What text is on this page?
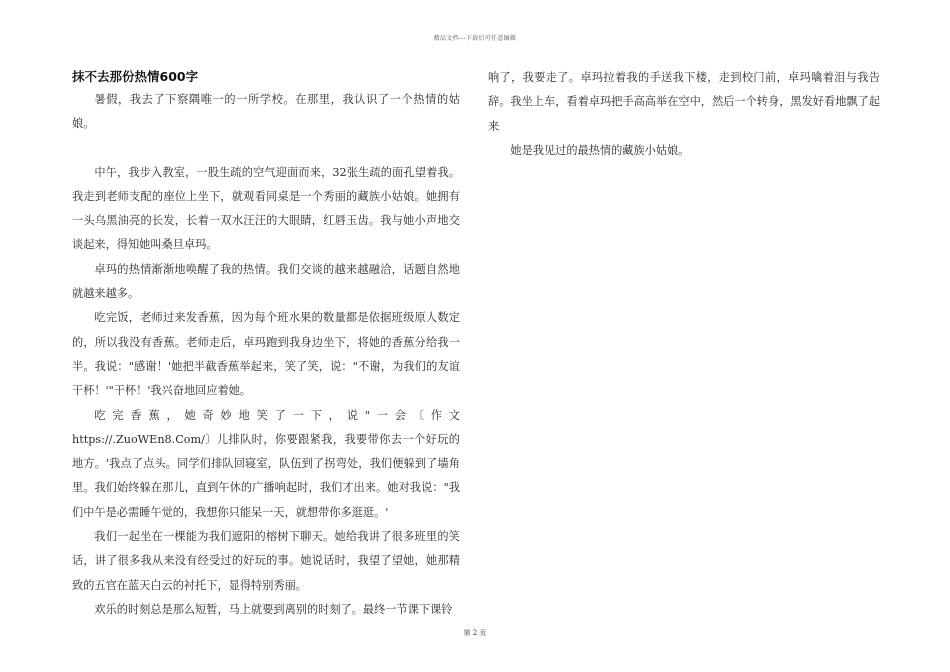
精品文档---下载后可任意编辑
抹不去那份热情600字

暑假，我去了下察隅唯一的一所学校。在那里，我认识了一个热情的姑娘。

中午，我步入教室，一股生疏的空气迎面而来，32张生疏的面孔望着我。我走到老师支配的座位上坐下，就观看同桌是一个秀丽的藏族小姑娘。她拥有一头乌黑油亮的长发，长着一双水汪汪的大眼睛，红唇玉齿。我与她小声地交谈起来，得知她叫桑旦卓玛。

卓玛的热情渐渐地唤醒了我的热情。我们交谈的越来越融洽，话题自然地就越来越多。

吃完饭，老师过来发香蕉，因为每个班水果的数量都是依据班级原人数定的，所以我没有香蕉。老师走后，卓玛跑到我身边坐下，将她的香蕉分给我一半。我说："感谢！'她把半截香蕉举起来，笑了笑，说："不谢，为我们的友谊干杯！'"干杯！'我兴奋地回应着她。

吃完香蕉，她奇妙地笑了一下，说"一会〔作文https://.ZuoWEn8.Com/〕儿排队时，你要跟紧我，我要带你去一个好玩的地方。'我点了点头。同学们排队回寝室，队伍到了拐弯处，我们便躲到了墙角里。我们始终躲在那儿，直到午休的广播响起时，我们才出来。她对我说："我们中午是必需睡午觉的，我想你只能呆一天，就想带你多逛逛。'

我们一起坐在一棵能为我们遮阳的榕树下聊天。她给我讲了很多班里的笑话，讲了很多我从来没有经受过的好玩的事。她说话时，我望了望她，她那精致的五官在蓝天白云的衬托下，显得特别秀丽。

欢乐的时刻总是那么短暂，马上就要到离别的时刻了。最终一节课下课铃

响了，我要走了。卓玛拉着我的手送我下楼，走到校门前，卓玛噙着泪与我告辞。我坐上车，看着卓玛把手高高举在空中，然后一个转身，黑发好看地飘了起来

她是我见过的最热情的藏族小姑娘。

第 2 页
